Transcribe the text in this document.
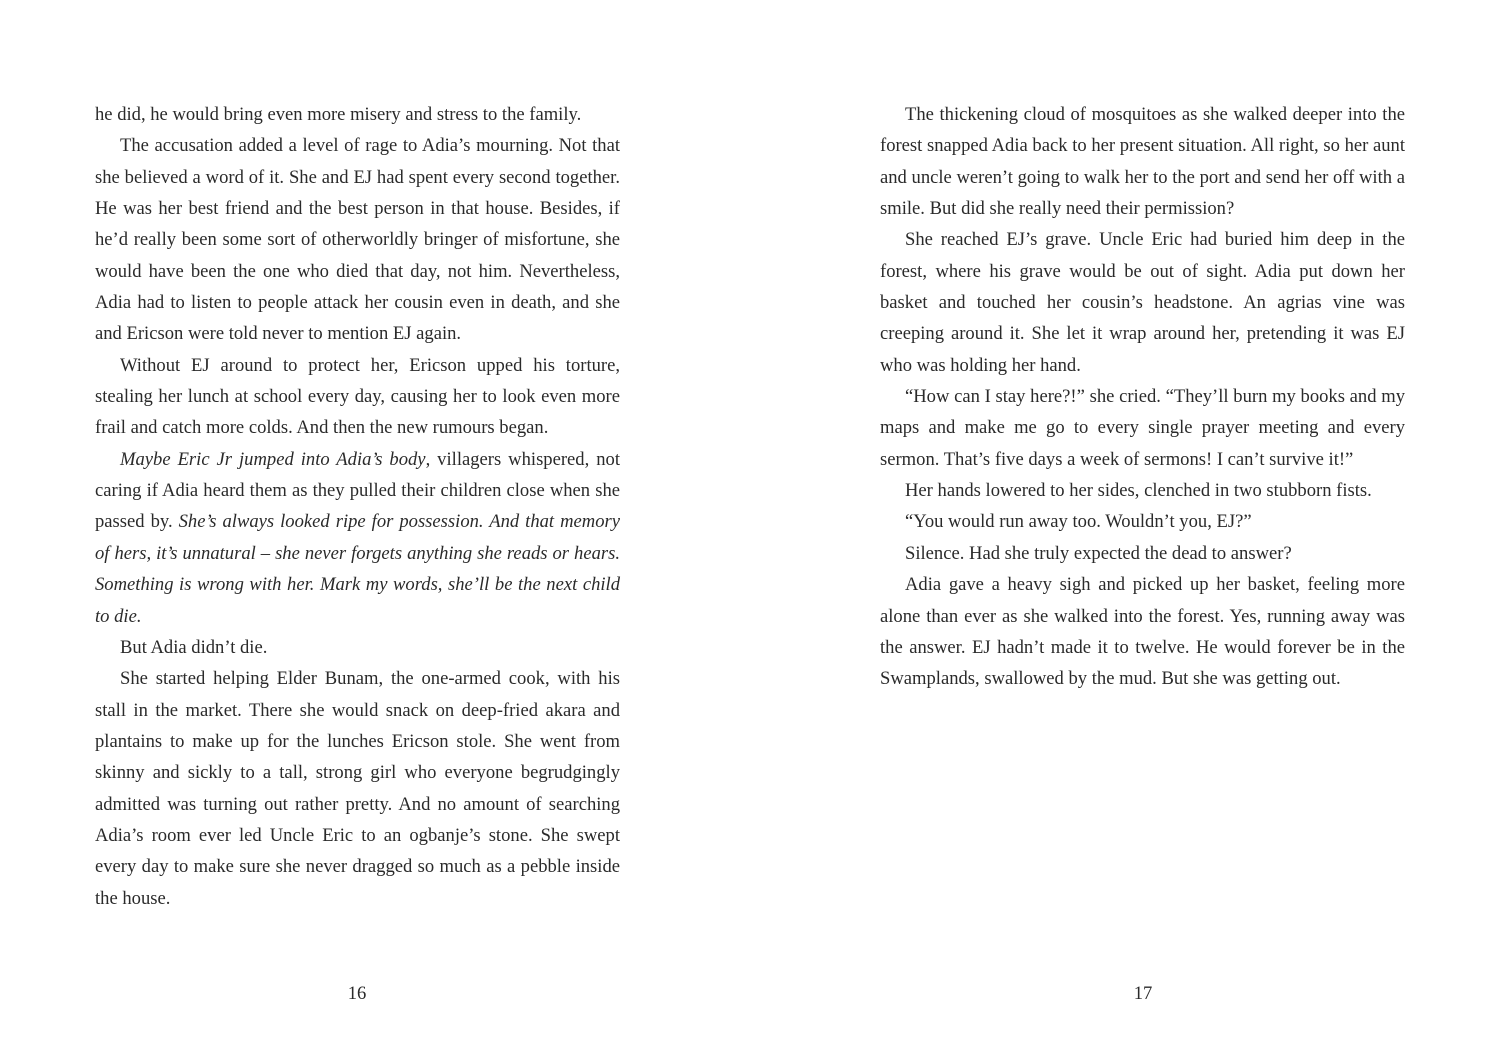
he did, he would bring even more misery and stress to the family.

The accusation added a level of rage to Adia’s mourning. Not that she believed a word of it. She and EJ had spent every second together. He was her best friend and the best person in that house. Besides, if he’d really been some sort of otherworldly bringer of misfortune, she would have been the one who died that day, not him. Nevertheless, Adia had to listen to people attack her cousin even in death, and she and Ericson were told never to mention EJ again.

Without EJ around to protect her, Ericson upped his torture, stealing her lunch at school every day, causing her to look even more frail and catch more colds. And then the new rumours began.

Maybe Eric Jr jumped into Adia’s body, villagers whispered, not caring if Adia heard them as they pulled their children close when she passed by. She’s always looked ripe for possession. And that memory of hers, it’s unnatural – she never forgets anything she reads or hears. Something is wrong with her. Mark my words, she’ll be the next child to die.

But Adia didn’t die.

She started helping Elder Bunam, the one-armed cook, with his stall in the market. There she would snack on deep-fried akara and plantains to make up for the lunches Ericson stole. She went from skinny and sickly to a tall, strong girl who everyone begrudgingly admitted was turning out rather pretty. And no amount of searching Adia’s room ever led Uncle Eric to an ogbanje’s stone. She swept every day to make sure she never dragged so much as a pebble inside the house.

16

The thickening cloud of mosquitoes as she walked deeper into the forest snapped Adia back to her present situation. All right, so her aunt and uncle weren’t going to walk her to the port and send her off with a smile. But did she really need their permission?

She reached EJ’s grave. Uncle Eric had buried him deep in the forest, where his grave would be out of sight. Adia put down her basket and touched her cousin’s headstone. An agrias vine was creeping around it. She let it wrap around her, pretending it was EJ who was holding her hand.

“How can I stay here?!” she cried. “They’ll burn my books and my maps and make me go to every single prayer meeting and every sermon. That’s five days a week of sermons! I can’t survive it!”

Her hands lowered to her sides, clenched in two stubborn fists.

“You would run away too. Wouldn’t you, EJ?”

Silence. Had she truly expected the dead to answer?

Adia gave a heavy sigh and picked up her basket, feeling more alone than ever as she walked into the forest. Yes, running away was the answer. EJ hadn’t made it to twelve. He would forever be in the Swamplands, swallowed by the mud. But she was getting out.

17
